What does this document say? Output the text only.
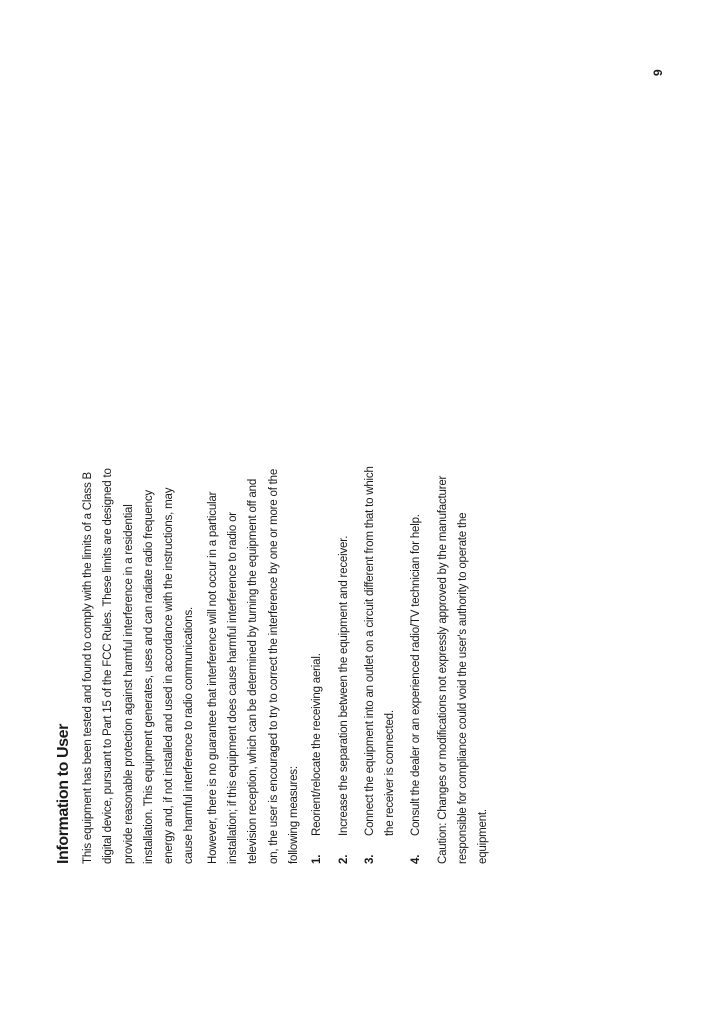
9
Information to User This equipment has been tested and found to comply with the limits of a Class B digital device, pursuant to Part 15 of the FCC Rules. These limits are designed to provide reasonable protection against harmful interference in a residential installation. This equipment generates, uses and can radiate radio frequency energy and, if not installed and used in accordance with the instructions, may cause harmful interference to radio communications. However, there is no guarantee that interference will not occur in a particular installation; if this equipment does cause harmful interference to radio or television reception, which can be determined by turning the equipment off and on, the user is encouraged to try to correct the interference by one or more of the following measures: 1.
Reorient/relocate the receiving aerial.
2.
Increase the separation between the equipment and receiver.
3.
Connect the equipment into an outlet on a circuit different from that to which the receiver is connected.
4.
Consult the dealer or an experienced radio/TV technician for help.	Caution: Changes or modifications not expressly approved by the manufacturer responsible for compliance could void the user's authority to operate the equipment.
